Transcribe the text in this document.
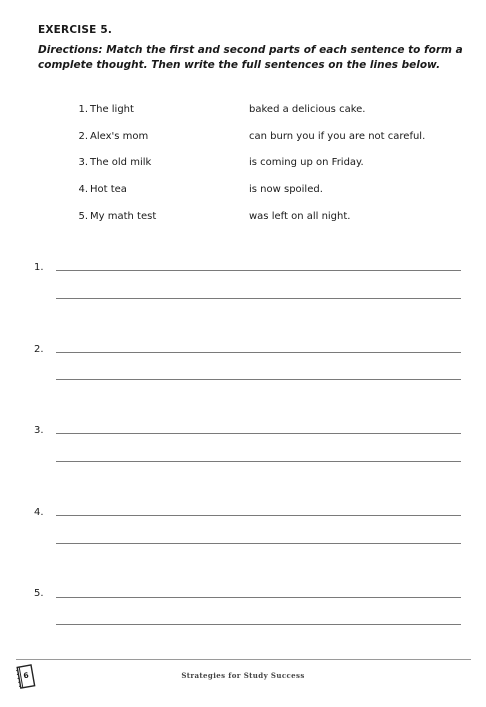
EXERCISE 5.
Directions: Match the first and second parts of each sentence to form a complete thought. Then write the full sentences on the lines below.
1. The light	baked a delicious cake.
2. Alex's mom	can burn you if you are not careful.
3. The old milk	is coming up on Friday.
4. Hot tea	is now spoiled.
5. My math test	was left on all night.
1.
2.
3.
4.
5.
6	Strategies for Study Success
